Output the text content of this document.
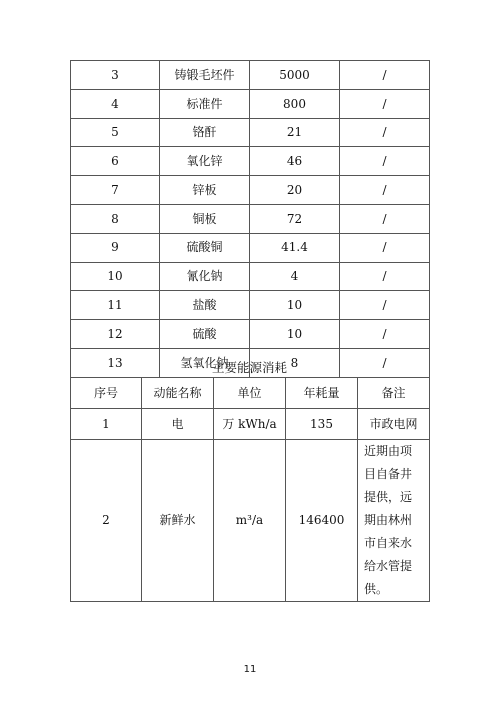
3	铸锻毛坯件	5000	/
4	标准件	800	/
5	铬酐	21	/
6	氧化锌	46	/
7	锌板	20	/
8	铜板	72	/
9	硫酸铜	41.4	/
10	氰化钠	4	/
11	盐酸	10	/
12	硫酸	10	/
13	氢氧化钠	8	/
主要能源消耗
序号	动能名称	单位	年耗量	备注
1	电	万 kWh/a	135	市政电网
2	新鲜水	m³/a	146400	近期由项目自备井提供，远期由林州市自来水给水管提供。
11
